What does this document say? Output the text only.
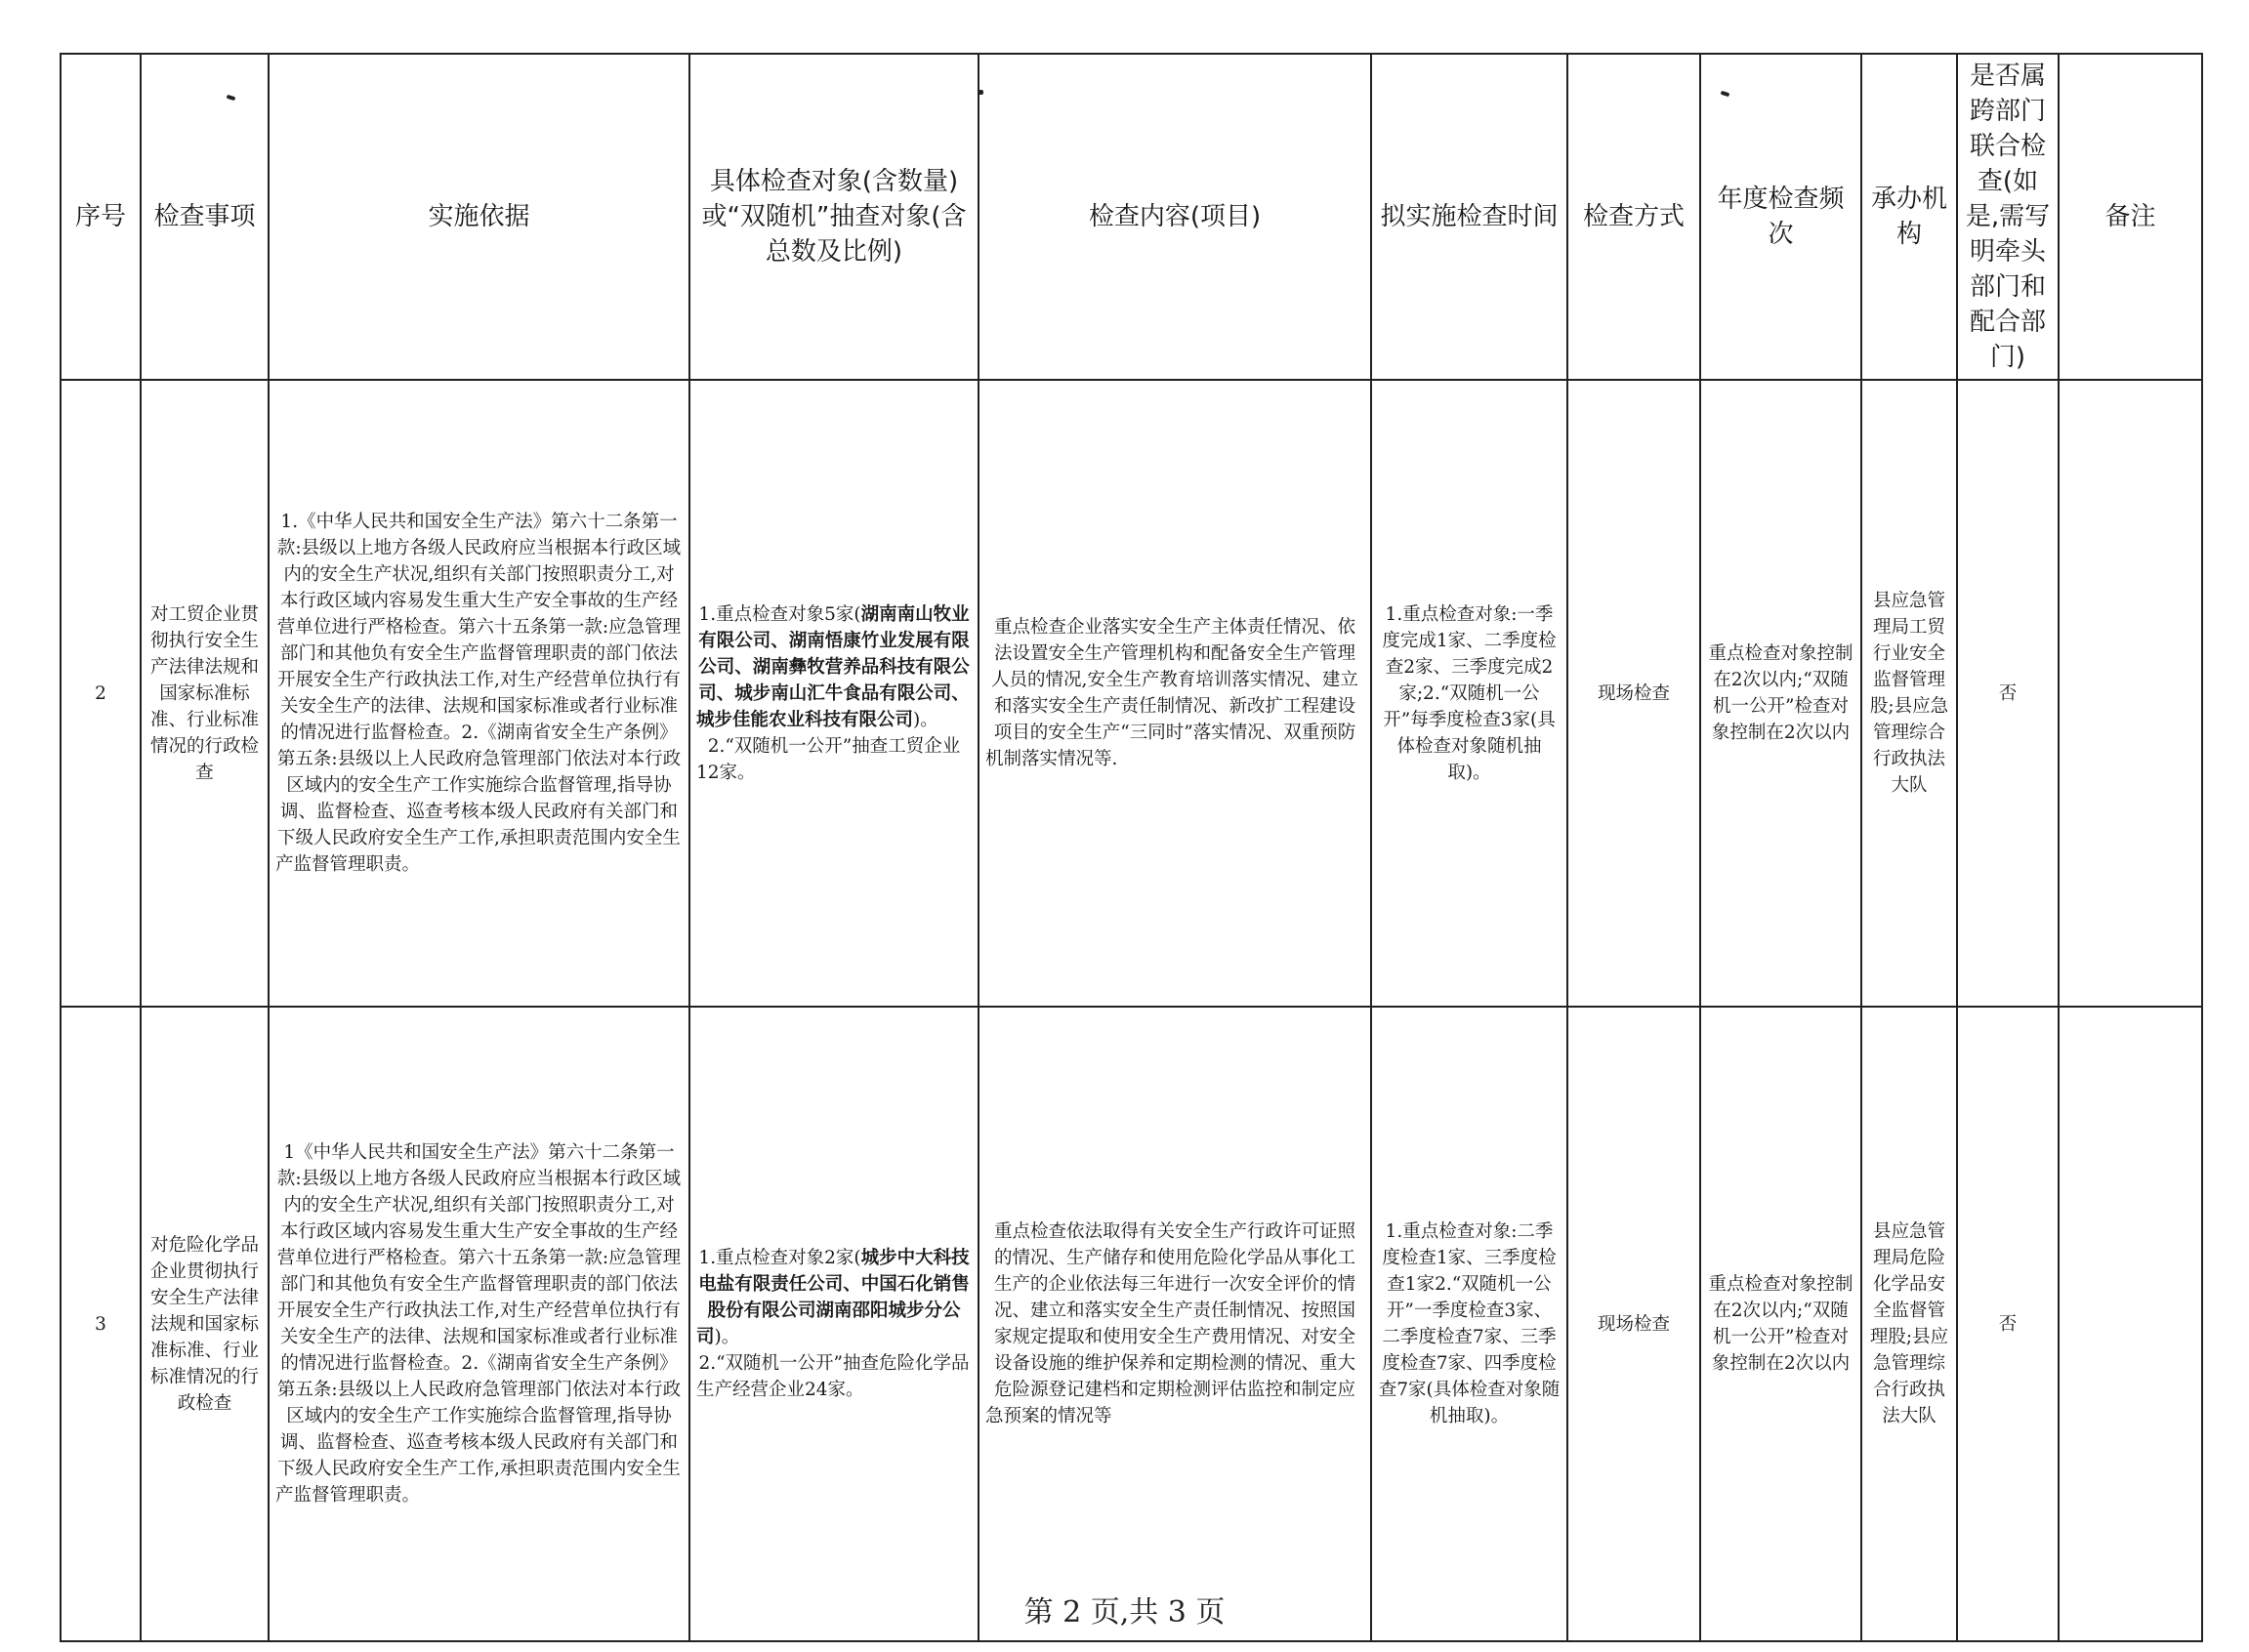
序号	检查事项	实施依据	具体检查对象(含数量)或“双随机”抽查对象(含总数及比例)	检查内容(项目)	拟实施检查时间	检查方式	年度检查频次	承办机构	是否属跨部门联合检查(如是,需写明牵头部门和配合部门)	备注
2	对工贸企业贯彻执行安全生产法律法规和国家标准标准、行业标准情况的行政检查	1.《中华人民共和国安全生产法》第六十二条第一款:县级以上地方各级人民政府应当根据本行政区域内的安全生产状况,组织有关部门按照职责分工,对本行政区域内容易发生重大生产安全事故的生产经营单位进行严格检查。第六十五条第一款:应急管理部门和其他负有安全生产监督管理职责的部门依法开展安全生产行政执法工作,对生产经营单位执行有关安全生产的法律、法规和国家标准或者行业标准的情况进行监督检查。2.《湖南省安全生产条例》第五条:县级以上人民政府急管理部门依法对本行政区域内的安全生产工作实施综合监督管理,指导协调、监督检查、巡查考核本级人民政府有关部门和下级人民政府安全生产工作,承担职责范围内安全生产监督管理职责。	1.重点检查对象5家(湖南南山牧业有限公司、湖南悟康竹业发展有限公司、湖南彝牧营养品科技有限公司、城步南山汇牛食品有限公司、城步佳能农业科技有限公司)。
2.“双随机一公开”抽查工贸企业12家。	重点检查企业落实安全生产主体责任情况、依法设置安全生产管理机构和配备安全生产管理人员的情况,安全生产教育培训落实情况、建立和落实安全生产责任制情况、新改扩工程建设项目的安全生产“三同时”落实情况、双重预防机制落实情况等.	1.重点检查对象:一季度完成1家、二季度检查2家、三季度完成2家;2.“双随机一公开”每季度检查3家(具体检查对象随机抽取)。	现场检查	重点检查对象控制在2次以内;“双随机一公开”检查对象控制在2次以内	县应急管理局工贸行业安全监督管理股;县应急管理综合行政执法大队	否	
3	对危险化学品企业贯彻执行安全生产法律法规和国家标准标准、行业标准情况的行政检查	1《中华人民共和国安全生产法》第六十二条第一款:县级以上地方各级人民政府应当根据本行政区域内的安全生产状况,组织有关部门按照职责分工,对本行政区域内容易发生重大生产安全事故的生产经营单位进行严格检查。第六十五条第一款:应急管理部门和其他负有安全生产监督管理职责的部门依法开展安全生产行政执法工作,对生产经营单位执行有关安全生产的法律、法规和国家标准或者行业标准的情况进行监督检查。2.《湖南省安全生产条例》第五条:县级以上人民政府急管理部门依法对本行政区域内的安全生产工作实施综合监督管理,指导协调、监督检查、巡查考核本级人民政府有关部门和下级人民政府安全生产工作,承担职责范围内安全生产监督管理职责。	1.重点检查对象2家(城步中大科技电盐有限责任公司、中国石化销售股份有限公司湖南邵阳城步分公司)。
2.“双随机一公开”抽查危险化学品生产经营企业24家。	重点检查依法取得有关安全生产行政许可证照的情况、生产储存和使用危险化学品从事化工生产的企业依法每三年进行一次安全评价的情况、建立和落实安全生产责任制情况、按照国家规定提取和使用安全生产费用情况、对安全设备设施的维护保养和定期检测的情况、重大危险源登记建档和定期检测评估监控和制定应急预案的情况等	1.重点检查对象:二季度检查1家、三季度检查1家2.“双随机一公开”一季度检查3家、二季度检查7家、三季度检查7家、四季度检查7家(具体检查对象随机抽取)。	现场检查	重点检查对象控制在2次以内;“双随机一公开”检查对象控制在2次以内	县应急管理局危险化学品安全监督管理股;县应急管理综合行政执法大队	否	
第 2 页,共 3 页
